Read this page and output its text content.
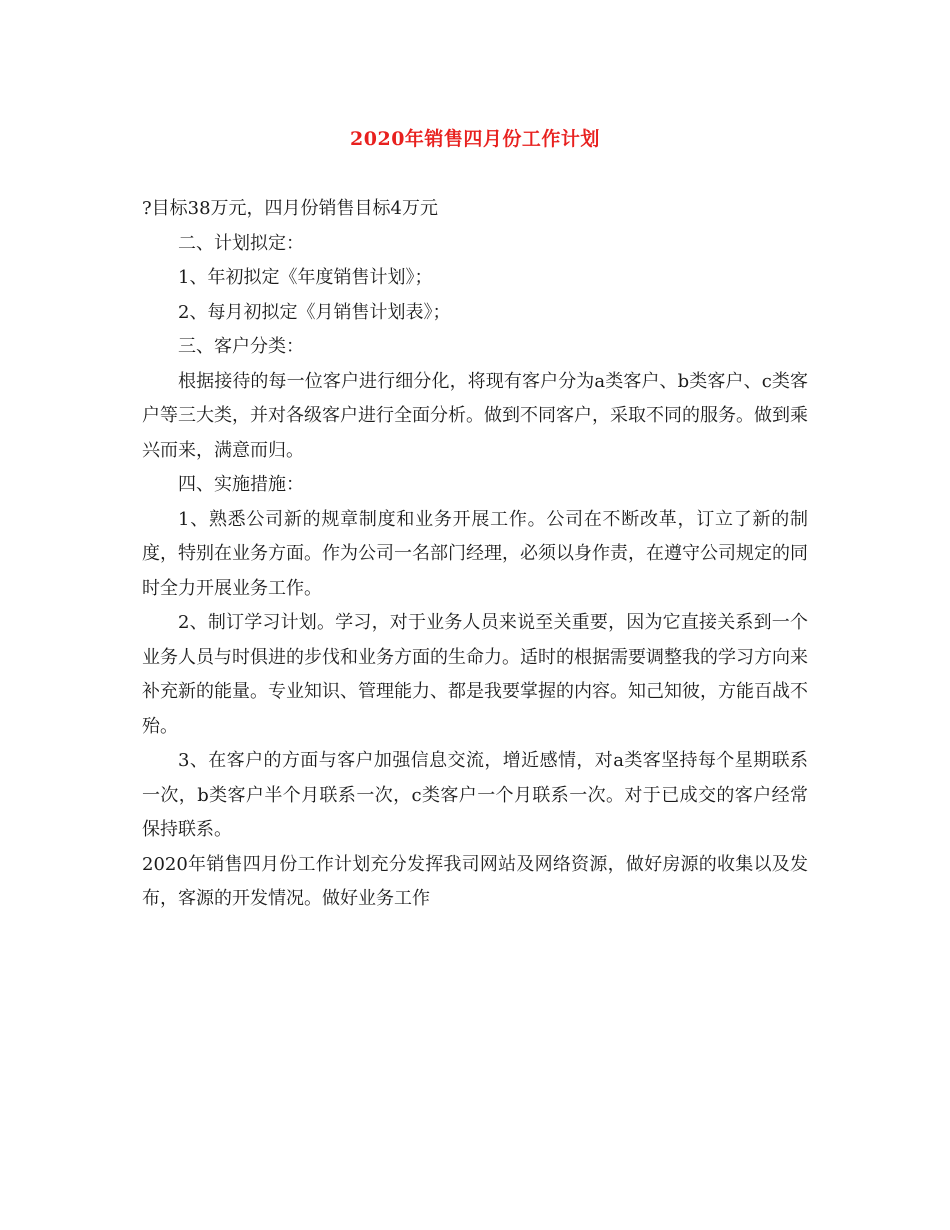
2020年销售四月份工作计划

?目标38万元，四月份销售目标4万元

二、计划拟定：

1、年初拟定《年度销售计划》；

2、每月初拟定《月销售计划表》；

三、客户分类：

根据接待的每一位客户进行细分化，将现有客户分为a类客户、b类客户、c类客户等三大类，并对各级客户进行全面分析。做到不同客户，采取不同的服务。做到乘兴而来，满意而归。

四、实施措施：

1、熟悉公司新的规章制度和业务开展工作。公司在不断改革，订立了新的制度，特别在业务方面。作为公司一名部门经理，必须以身作责，在遵守公司规定的同时全力开展业务工作。

2、制订学习计划。学习，对于业务人员来说至关重要，因为它直接关系到一个业务人员与时俱进的步伐和业务方面的生命力。适时的根据需要调整我的学习方向来补充新的能量。专业知识、管理能力、都是我要掌握的内容。知己知彼，方能百战不殆。

3、在客户的方面与客户加强信息交流，增近感情，对a类客坚持每个星期联系一次，b类客户半个月联系一次，c类客户一个月联系一次。对于已成交的客户经常保持联系。

2020年销售四月份工作计划充分发挥我司网站及网络资源，做好房源的收集以及发布，客源的开发情况。做好业务工作
